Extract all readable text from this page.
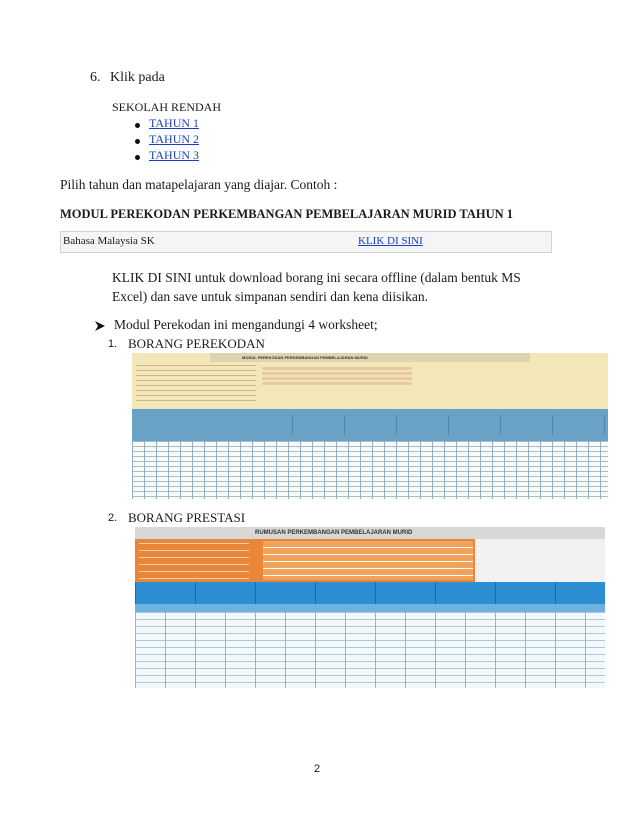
6. Klik pada
SEKOLAH RENDAH
TAHUN 1
TAHUN 2
TAHUN 3
Pilih tahun dan matapelajaran yang diajar. Contoh :
MODUL PEREKODAN PERKEMBANGAN PEMBELAJARAN MURID TAHUN 1
Bahasa Malaysia SK	KLIK DI SINI
KLIK DI SINI untuk download borang ini secara offline (dalam bentuk MS
Excel) dan save untuk simpanan sendiri dan kena diisikan.
Modul Perekodan ini mengandungi 4 worksheet;
1. BORANG PEREKODAN
MODUL PEREKODAN PERKEMBANGAN PEMBELAJARAN MURID
2. BORANG PRESTASI
RUMUSAN PERKEMBANGAN PEMBELAJARAN MURID
2
